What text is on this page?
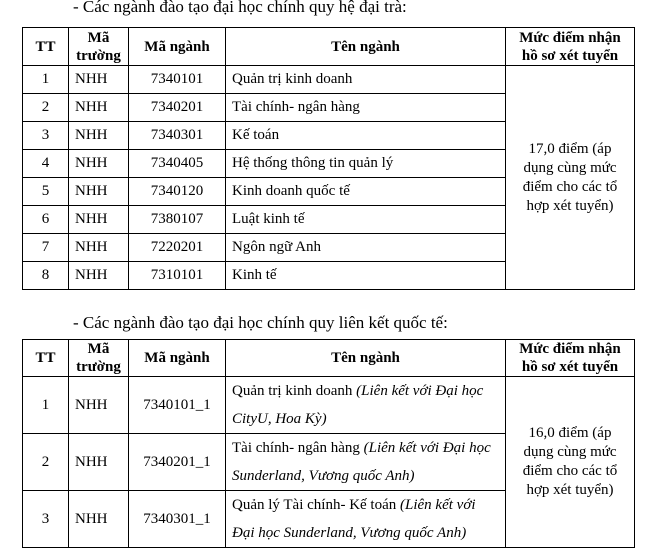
- Các ngành đào tạo đại học chính quy hệ đại trà:
TT	Mã trường	Mã ngành	Tên ngành	Mức điểm nhận hồ sơ xét tuyển
1	NHH	7340101	Quản trị kinh doanh	17,0 điểm (áp dụng cùng mức điểm cho các tổ hợp xét tuyển)
2	NHH	7340201	Tài chính- ngân hàng	
3	NHH	7340301	Kế toán	
4	NHH	7340405	Hệ thống thông tin quản lý	
5	NHH	7340120	Kinh doanh quốc tế	
6	NHH	7380107	Luật kinh tế	
7	NHH	7220201	Ngôn ngữ Anh	
8	NHH	7310101	Kinh tế	
- Các ngành đào tạo đại học chính quy liên kết quốc tế:
TT	Mã trường	Mã ngành	Tên ngành	Mức điểm nhận hồ sơ xét tuyển
1	NHH	7340101_1	Quản trị kinh doanh (Liên kết với Đại học CityU, Hoa Kỳ)	16,0 điểm (áp dụng cùng mức điểm cho các tổ hợp xét tuyển)
2	NHH	7340201_1	Tài chính- ngân hàng (Liên kết với Đại học Sunderland, Vương quốc Anh)	
3	NHH	7340301_1	Quản lý Tài chính- Kế toán (Liên kết với Đại học Sunderland, Vương quốc Anh)	
